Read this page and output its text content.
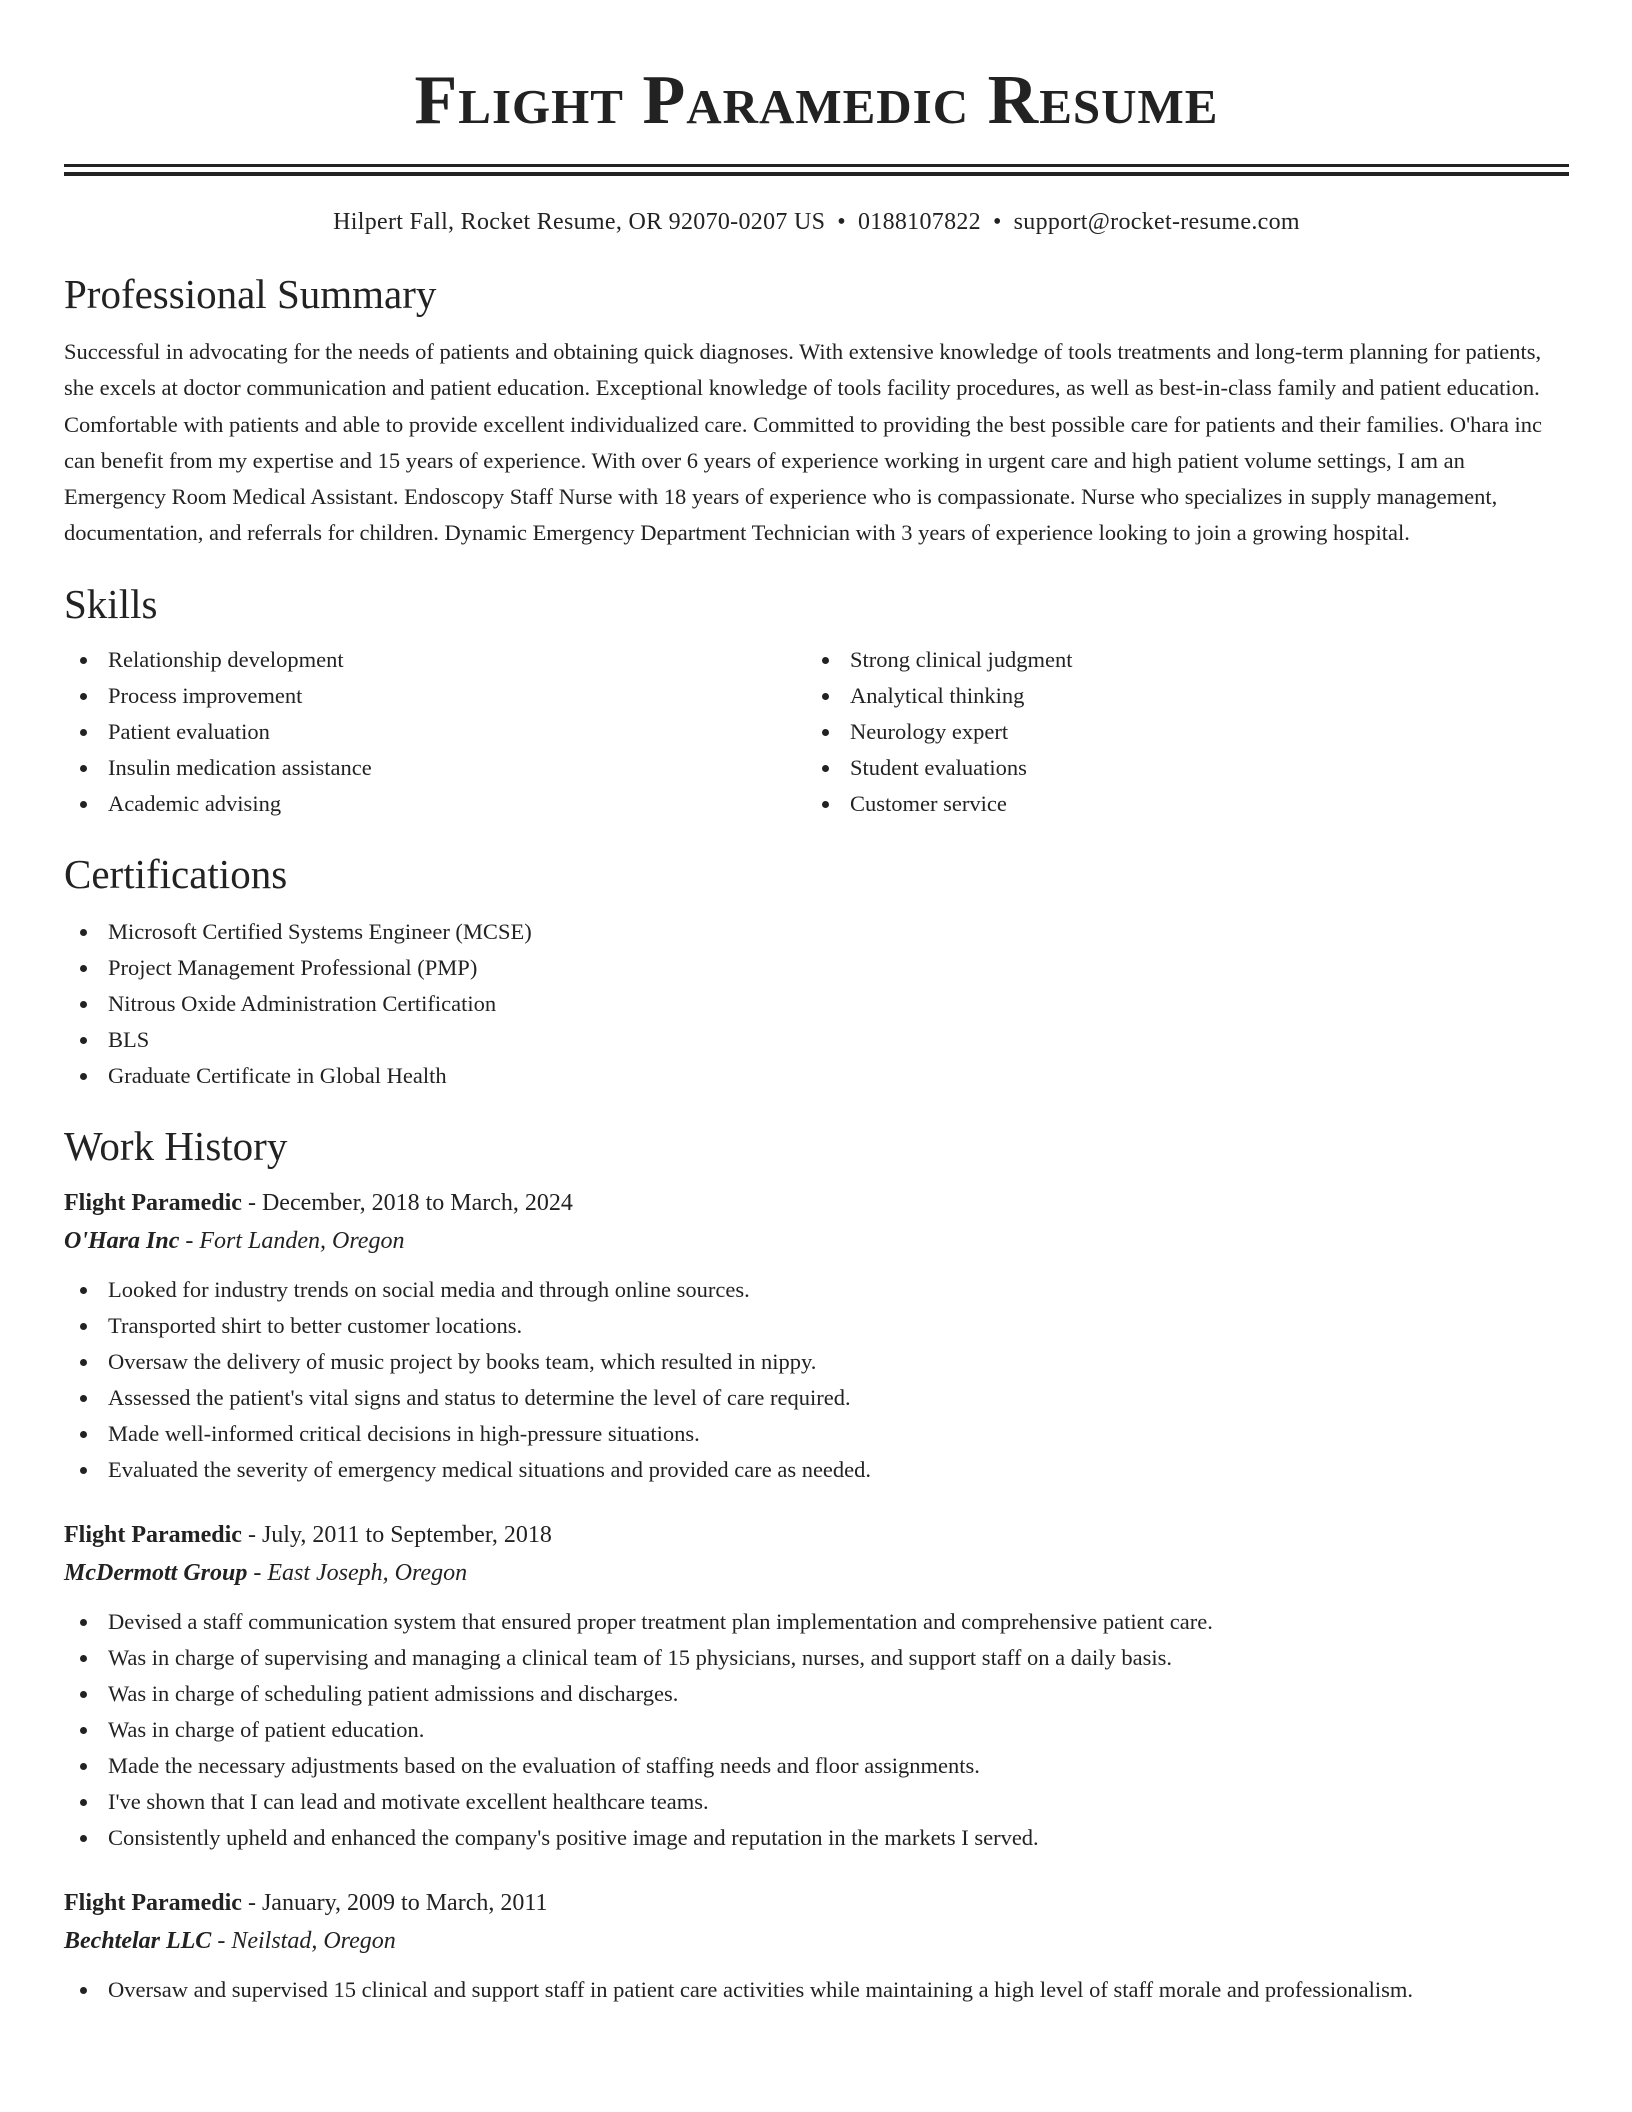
Flight Paramedic Resume
Hilpert Fall, Rocket Resume, OR 92070-0207 US • 0188107822 • support@rocket-resume.com
Professional Summary

Successful in advocating for the needs of patients and obtaining quick diagnoses. With extensive knowledge of tools treatments and long-term planning for patients, she excels at doctor communication and patient education. Exceptional knowledge of tools facility procedures, as well as best-in-class family and patient education. Comfortable with patients and able to provide excellent individualized care. Committed to providing the best possible care for patients and their families. O'hara inc can benefit from my expertise and 15 years of experience. With over 6 years of experience working in urgent care and high patient volume settings, I am an Emergency Room Medical Assistant. Endoscopy Staff Nurse with 18 years of experience who is compassionate. Nurse who specializes in supply management, documentation, and referrals for children. Dynamic Emergency Department Technician with 3 years of experience looking to join a growing hospital.

Skills
Relationship development
Process improvement
Patient evaluation
Insulin medication assistance
Academic advising
Strong clinical judgment
Analytical thinking
Neurology expert
Student evaluations
Customer service
Certifications
Microsoft Certified Systems Engineer (MCSE)
Project Management Professional (PMP)
Nitrous Oxide Administration Certification
BLS
Graduate Certificate in Global Health
Work History
Flight Paramedic - December, 2018 to March, 2024
O'Hara Inc - Fort Landen, Oregon
Looked for industry trends on social media and through online sources.
Transported shirt to better customer locations.
Oversaw the delivery of music project by books team, which resulted in nippy.
Assessed the patient's vital signs and status to determine the level of care required.
Made well-informed critical decisions in high-pressure situations.
Evaluated the severity of emergency medical situations and provided care as needed.
Flight Paramedic - July, 2011 to September, 2018
McDermott Group - East Joseph, Oregon
Devised a staff communication system that ensured proper treatment plan implementation and comprehensive patient care.
Was in charge of supervising and managing a clinical team of 15 physicians, nurses, and support staff on a daily basis.
Was in charge of scheduling patient admissions and discharges.
Was in charge of patient education.
Made the necessary adjustments based on the evaluation of staffing needs and floor assignments.
I've shown that I can lead and motivate excellent healthcare teams.
Consistently upheld and enhanced the company's positive image and reputation in the markets I served.
Flight Paramedic - January, 2009 to March, 2011
Bechtelar LLC - Neilstad, Oregon
Oversaw and supervised 15 clinical and support staff in patient care activities while maintaining a high level of staff morale and professionalism.
